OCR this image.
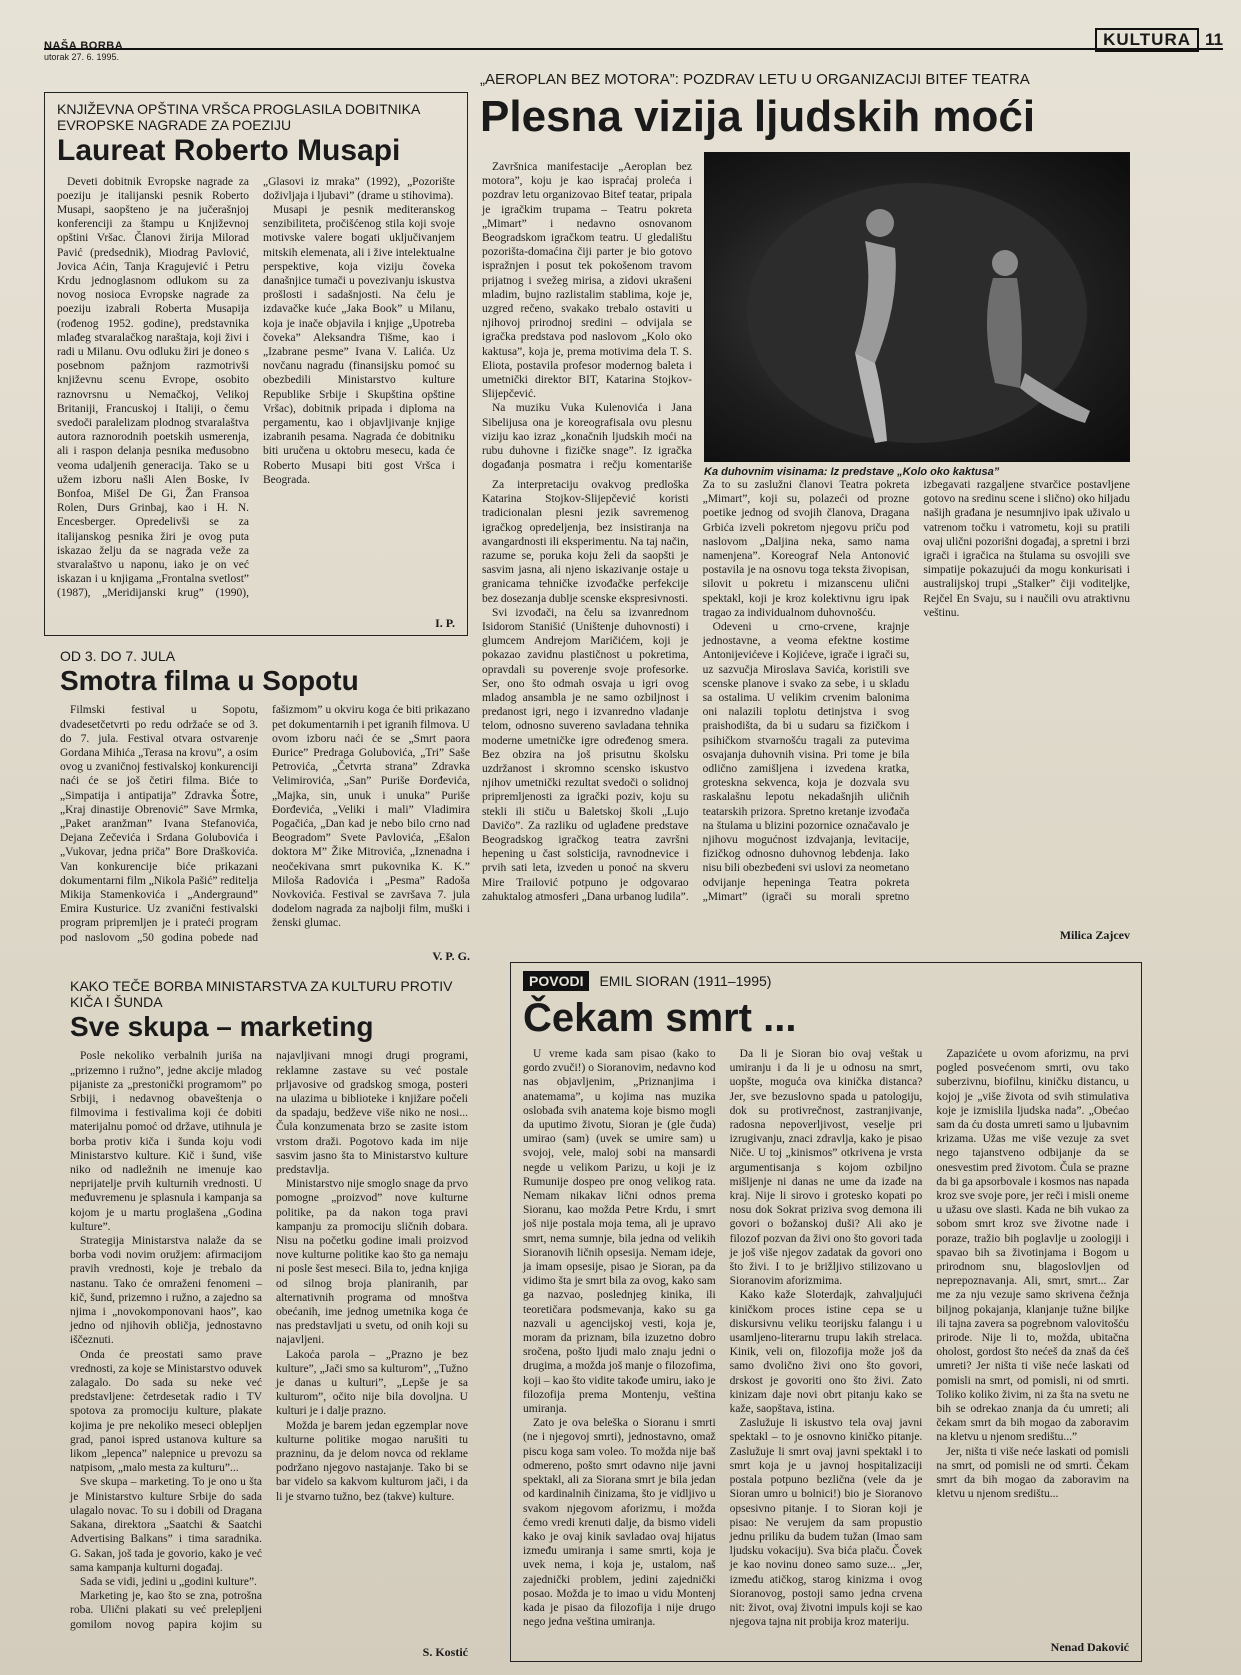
NAŠA BORBA
utorak 27. 6. 1995.
KULTURA 11
KNJIŽEVNA OPŠTINA VRŠCA PROGLASILA DOBITNIKA EVROPSKE NAGRADE ZA POEZIJU
Laureat Roberto Musapi

Deveti dobitnik Evropske nagrade za poeziju je italijanski pesnik Roberto Musapi, saopšteno je na jučerašnjoj konferenciji za štampu u Književnoj opštini Vršac. Članovi žirija Milorad Pavić (predsednik), Miodrag Pavlović, Jovica Aćin, Tanja Kragujević i Petru Krdu jednoglasnom odlukom su za novog nosioca Evropske nagrade za poeziju izabrali Roberta Musapija (rođenog 1952. godine), predstavnika mlađeg stvaralačkog naraštaja, koji živi i radi u Milanu. Ovu odluku žiri je doneo s posebnom pažnjom razmotrivši književnu scenu Evrope, osobito raznovrsnu u Nemačkoj, Velikoj Britaniji, Francuskoj i Italiji, o čemu svedoči paralelizam plodnog stvaralaštva autora raznorodnih poetskih usmerenja, ali i raspon delanja pesnika međusobno veoma udaljenih generacija. Tako se u užem izboru našli Alen Boske, Iv Bonfoa, Mišel De Gi, Žan Fransoa Rolen, Durs Grinbaj, kao i H. N. Encesberger. Opredelivši se za italijanskog pesnika žiri je ovog puta iskazao želju da se nagrada veže za stvaralaštvo u naponu, iako je on već iskazan i u knjigama „Frontalna svetlost” (1987), „Meridijanski krug” (1990), „Glasovi iz mraka” (1992), „Pozorište doživljaja i ljubavi” (drame u stihovima).

Musapi je pesnik mediteranskog senzibiliteta, pročišćenog stila koji svoje motivske valere bogati uključivanjem mitskih elemenata, ali i žive intelektualne perspektive, koja viziju čoveka današnjice tumači u povezivanju iskustva prošlosti i sadašnjosti. Na čelu je izdavačke kuće „Jaka Book” u Milanu, koja je inače objavila i knjige „Upotreba čoveka” Aleksandra Tišme, kao i „Izabrane pesme” Ivana V. Lalića. Uz novčanu nagradu (finansijsku pomoć su obezbedili Ministarstvo kulture Republike Srbije i Skupština opštine Vršac), dobitnik pripada i diploma na pergamentu, kao i objavljivanje knjige izabranih pesama. Nagrada će dobitniku biti uručena u oktobru mesecu, kada će Roberto Musapi biti gost Vršca i Beograda.

I. P.
„AEROPLAN BEZ MOTORA”: POZDRAV LETU U ORGANIZACIJI BITEF TEATRA
Plesna vizija ljudskih moći

Završnica manifestacije „Aeroplan bez motora”, koju je kao ispraćaj proleća i pozdrav letu organizovao Bitef teatar, pripala je igračkim trupama – Teatru pokreta „Mimart” i nedavno osnovanom Beogradskom igračkom teatru. U gledalištu pozorišta-domaćina čiji parter je bio gotovo ispražnjen i posut tek pokošenom travom prijatnog i svežeg mirisa, a zidovi ukrašeni mladim, bujno razlistalim stablima, koje je, uzgred rečeno, svakako trebalo ostaviti u njihovoj prirodnoj sredini – odvijala se igračka predstava pod naslovom „Kolo oko kaktusa”, koja je, prema motivima dela T. S. Eliota, postavila profesor modernog baleta i umetnički direktor BIT, Katarina Stojkov-Slijepčević.

Na muziku Vuka Kulenovića i Jana Sibelijusa ona je koreografisala ovu plesnu viziju kao izraz „konačnih ljudskih moći na rubu duhovne i fizičke snage”. Iz igračka događanja posmatra i rečju komentariše

Ka duhovnim visinama: Iz predstave „Kolo oko kaktusa”

Za interpretaciju ovakvog predloška Katarina Stojkov-Slijepčević koristi tradicionalan plesni jezik savremenog igračkog opredeljenja, bez insistiranja na avangardnosti ili eksperimentu. Na taj način, razume se, poruka koju želi da saopšti je sasvim jasna, ali njeno iskazivanje ostaje u granicama tehničke izvođačke perfekcije bez dosezanja dublje scenske ekspresivnosti.

Svi izvođači, na čelu sa izvanrednom Isidorom Stanišić (Uništenje duhovnosti) i glumcem Andrejom Maričićem, koji je pokazao zavidnu plastičnost u pokretima, opravdali su poverenje svoje profesorke. Ser, ono što odmah osvaja u igri ovog mladog ansambla je ne samo ozbiljnost i predanost igri, nego i izvanredno vladanje telom, odnosno suvereno savladana tehnika moderne umetničke igre određenog smera. Bez obzira na još prisutnu školsku uzdržanost i skromno scensko iskustvo njihov umetnički rezultat svedoči o solidnoj pripremljenosti za igrački poziv, koju su stekli ili stiču u Baletskoj školi „Lujo Davičo”. Za razliku od uglađene predstave Beogradskog igračkog teatra završni hepening u čast solsticija, ravnodnevice i prvih sati leta, izveden u ponoć na skveru Mire Trailović potpuno je odgovarao zahuktalog atmosferi „Dana urbanog ludila”. Za to su zaslužni članovi Teatra pokreta „Mimart”, koji su, polazeći od prozne poetike jednog od svojih članova, Dragana Grbića izveli pokretom njegovu priču pod naslovom „Daljina neka, samo nama namenjena”. Koreograf Nela Antonović postavila je na osnovu toga teksta živopisan, silovit u pokretu i mizanscenu ulični spektakl, koji je kroz kolektivnu igru ipak tragao za individualnom duhovnošću.

Odeveni u crno-crvene, krajnje jednostavne, a veoma efektne kostime Antonijevićeve i Kojićeve, igrače i igrači su, uz sazvučja Miroslava Savića, koristili sve scenske planove i svako za sebe, i u skladu sa ostalima. U velikim crvenim balonima oni nalazili toplotu detinjstva i svog praishodišta, da bi u sudaru sa fizičkom i psihičkom stvarnošću tragali za putevima osvajanja duhovnih visina. Pri tome je bila odlično zamišljena i izvedena kratka, groteskna sekvenca, koja je dozvala svu raskalašnu lepotu nekadašnjih uličnih teatarskih prizora. Spretno kretanje izvođača na štulama u blizini pozornice označavalo je njihovu mogućnost izdvajanja, levitacije, fizičkog odnosno duhovnog lebdenja. Iako nisu bili obezbeđeni svi uslovi za neometano odvijanje hepeninga Teatra pokreta „Mimart” (igrači su morali spretno izbegavati razgaljene stvarčice postavljene gotovo na sredinu scene i slično) oko hiljadu našijh građana je nesumnjivo ipak uživalo u vatrenom točku i vatrometu, koji su pratili ovaj ulični pozorišni događaj, a spretni i brzi igrači i igračica na štulama su osvojili sve simpatije pokazujući da mogu konkurisati i australijskoj trupi „Stalker” čiji voditeljke, Rejčel En Svaju, su i naučili ovu atraktivnu veštinu.

Milica Zajcev
OD 3. DO 7. JULA
Smotra filma u Sopotu

Filmski festival u Sopotu, dvadesetčetvrti po redu održaće se od 3. do 7. jula. Festival otvara ostvarenje Gordana Mihića „Terasa na krovu”, a osim ovog u zvaničnoj festivalskoj konkurenciji naći će se još četiri filma. Biće to „Simpatija i antipatija” Zdravka Šotre, „Kraj dinastije Obrenović” Save Mrmka, „Paket aranžman” Ivana Stefanovića, Dejana Zečevića i Srdana Golubovića i „Vukovar, jedna priča” Bore Draškovića. Van konkurencije biće prikazani dokumentarni film „Nikola Pašić” reditelja Mikija Stamenkovića i „Andergraund” Emira Kusturice. Uz zvanični festivalski program pripremljen je i prateći program pod naslovom „50 godina pobede nad fašizmom” u okviru koga će biti prikazano pet dokumentarnih i pet igranih filmova. U ovom izboru naći će se „Smrt paora Đurice” Predraga Golubovića, „Tri” Saše Petrovića, „Četvrta strana” Zdravka Velimirovića, „San” Puriše Đorđevića, „Majka, sin, unuk i unuka” Puriše Đorđevića, „Veliki i mali” Vladimira Pogačića, „Dan kad je nebo bilo crno nad Beogradom” Svete Pavlovića, „Ešalon doktora M” Žike Mitrovića, „Iznenadna i neočekivana smrt pukovnika K. K.” Miloša Radovića i „Pesma” Radoša Novkovića. Festival se završava 7. jula dodelom nagrada za najbolji film, muški i ženski glumac.

V. P. G.
KAKO TEČE BORBA MINISTARSTVA ZA KULTURU PROTIV KIČA I ŠUNDA
Sve skupa – marketing

Posle nekoliko verbalnih jurišа na „prizemno i ružno”, jedne akcije mladog pijaniste za „prestonički programom” po Srbiji, i nedavnog obaveštenja o filmovima i festivalima koji će dobiti materijalnu pomoć od države, utihnula je borba protiv kiča i šunda koju vodi Ministarstvo kulture. Kič i šund, više niko od nadležnih ne imenuje kao neprijatelje prvih kulturnih vrednosti. U međuvremenu je splasnula i kampanja sa kojom je u martu proglašena „Godina kulture”.

Strategija Ministarstva nalaže da se borba vodi novim oružjem: afirmacijom pravih vrednosti, koje je trebalo da nastanu. Tako će omraženi fenomeni – kič, šund, prizemno i ružno, a zajedno sa njima i „novokomponovani haos”, kao jedno od njihovih obličja, jednostavno iščeznuti.

Onda će preostati samo prave vrednosti, za koje se Ministarstvo oduvek zalagalo. Do sada su neke već predstavljene: četrdesetak radio i TV spotova za promociju kulture, plakate kojima je pre nekoliko meseci oblepljen grad, panoi ispred ustanova kulture sa likom „lepenca” nalepnice u prevozu sa natpisom, „malo mesta za kulturu”...

Sve skupa – marketing. To je ono u šta je Ministarstvo kulture Srbije do sada ulagalo novac. To su i dobili od Dragana Sakana, direktora „Saatchi & Saatchi Advertising Balkans” i tima saradnika. G. Sakan, još tada je govorio, kako je već sama kampanja kulturni događaj.

Sada se vidi, jedini u „godini kulture”.

Marketing je, kao što se zna, potrošna roba. Ulični plakati su već prelepljeni gomilom novog papira kojim su najavljivani mnogi drugi programi, reklamne zastave su već postale prljavosive od gradskog smoga, posteri na ulazima u biblioteke i knjižare počeli da spadaju, bedževe više niko ne nosi... Čula konzumenata brzo se zasite istom vrstom draži. Pogotovo kada im nije sasvim jasno šta to Ministarstvo kulture predstavlja.

Ministarstvo nije smoglo snage da prvo pomogne „proizvod” nove kulturne politike, pa da nakon toga pravi kampanju za promociju sličnih dobara. Nisu na početku godine imali proizvod nove kulturne politike kao što ga nemaju ni posle šest meseci. Bila to, jedna knjiga od silnog broja planiranih, par alternativnih programa od mnoštva obećanih, ime jednog umetnika koga će nas predstavljati u svetu, od onih koji su najavljeni.

Lakoća parola – „Prazno je bez kulture”, „Jači smo sa kulturom”, „Tužno je danas u kulturi”, „Lepše je sa kulturom”, očito nije bila dovoljna. U kulturi je i dalje prazno.

Možda je barem jedan egzemplar nove kulturne politike mogao narušiti tu prazninu, da je delom novca od reklame podržano njegovo nastajanje. Tako bi se bar videlo sa kakvom kulturom jači, i da li je stvarno tužno, bez (takve) kulture.

S. Kostić
POVODI EMIL SIORAN (1911–1995)
Čekam smrt ...

U vreme kada sam pisao (kako to gordo zvuči!) o Sioranovim, nedavno kod nas objavljenim, „Priznanjima i anatemama”, u kojima nas muzika oslobađa svih anatema koje bismo mogli da uputimo životu, Sioran je (gle čuda) umirao (sam) (uvek se umire sam) u svojoj, vele, maloj sobi na mansardi negde u velikom Parizu, u koji je iz Rumunije dospeo pre onog velikog rata. Nemam nikakav lični odnos prema Sioranu, kao možda Petre Krdu, i smrt još nije postala moja tema, ali je upravo smrt, nema sumnje, bila jedna od velikih Sioranovih ličnih opsesija. Nemam ideje, ja imam opsesije, pisao je Sioran, pa da vidimo šta je smrt bila za ovog, kako sam ga nazvao, poslednjeg kinika, ili teoretičara podsmevanja, kako su ga nazvali u agencijskoj vesti, koja je, moram da priznam, bila izuzetno dobro sročena, pošto ljudi malo znaju jedni o drugima, a možda još manje o filozofima, koji – kao što vidite takođe umiru, iako je filozofija prema Montenju, veština umiranja.

Zato je ova beleška o Sioranu i smrti (ne i njegovoj smrti), jednostavno, omaž piscu koga sam voleo. To možda nije baš odmereno, pošto smrt odavno nije javni spektakl, ali za Siorana smrt je bila jedan od kardinalnih činizama, što je vidljivo u svakom njegovom aforizmu, i možda ćemo vredi krenuti dalje, da bismo videli kako je ovaj kinik savladao ovaj hijatus između umiranja i same smrti, koja je uvek nema, i koja je, ustalom, naš zajednički problem, jedini zajednički posao. Možda je to imao u vidu Montenj kada je pisao da filozofija i nije drugo nego jedna veština umiranja.

Da li je Sioran bio ovaj veštak u umiranju i da li je u odnosu na smrt, uopšte, moguća ova kinička distanca? Jer, sve bezuslovno spada u patologiju, dok su protivrečnost, zastranjivanje, radosna nepoverljivost, veselje pri izrugivanju, znaci zdravlja, kako je pisao Niče. U toj „kinismos” otkrivena je vrsta argumentisanja s kojom ozbiljno mišljenje ni danas ne ume da izađe na kraj. Nije li sirovo i grotesko kopati po nosu dok Sokrat priziva svog demona ili govori o božanskoj duši? Ali ako je filozof pozvan da živi ono što govori tada je još više njegov zadatak da govori ono što živi. I to je brižljivo stilizovano u Sioranovim aforizmima.

Kako kaže Sloterdajk, zahvaljujući kiničkom proces istine cepa se u diskursivnu veliku teorijsku falangu i u usamljeno-literarnu trupu lakih strelaca. Kinik, veli on, filozofija može još da samo dvolično živi ono što govori, drskost je govoriti ono što živi. Zato kinizam daje novi obrt pitanju kako se kaže, saopštava, istina.

Zaslužuje li iskustvo tela ovaj javni spektakl – to je osnovno kiničko pitanje. Zaslužuje li smrt ovaj javni spektakl i to smrt koja je u javnoj hospitalizaciji postala potpuno bezlična (vele da je Sioran umro u bolnici!) bio je Sioranovo opsesivno pitanje. I to Sioran koji je pisao: Ne verujem da sam propustio jednu priliku da budem tužan (Imao sam ljudsku vokaciju). Sva bića plaču. Čovek je kao novinu doneo samo suze... „Jer, između atičkog, starog kinizma i ovog Sioranovog, postoji samo jedna crvena nit: život, ovaj životni impuls koji se kao njegova tajna nit probija kroz materiju.

Zapazićete u ovom aforizmu, na prvi pogled posvećenom smrti, ovu tako suberzivnu, biofilnu, kiničku distancu, u kojoj je „više života od svih stimulativa koje je izmislila ljudska nada”. „Obećao sam da ću dosta umreti samo u ljubavnim krizama. Užas me više vezuje za svet nego tajanstveno odbijanje da se onesvestim pred životom. Čula se prazne da bi ga apsorbovale i kosmos nas napada kroz sve svoje pore, jer reči i misli oneme u užasu ove slasti. Kada ne bih vukao za sobom smrt kroz sve životne nade i poraze, tražio bih poglavlje u zoologiji i spavao bih sa životinjama i Bogom u prirodnom snu, blagoslovljen od neprepoznavanja. Ali, smrt, smrt... Zar me za nju vezuje samo skrivena čežnja biljnog pokajanja, klanjanje tužne biljke ili tajna zavera sa pogrebnom valovitošću prirode. Nije li to, možda, ubitačna oholost, gordost što nećeš da znaš da ćeš umreti? Jer ništa ti više neće laskati od pomisli na smrt, od pomisli, ni od smrti. Toliko koliko živim, ni za šta na svetu ne bih se odrekao znanja da ću umreti; ali čekam smrt da bih mogao da zaboravim na kletvu u njenom središtu...”

Jer, ništa ti više neće laskati od pomisli na smrt, od pomisli ne od smrti. Čekam smrt da bih mogao da zaboravim na kletvu u njenom središtu...

Nenad Daković
